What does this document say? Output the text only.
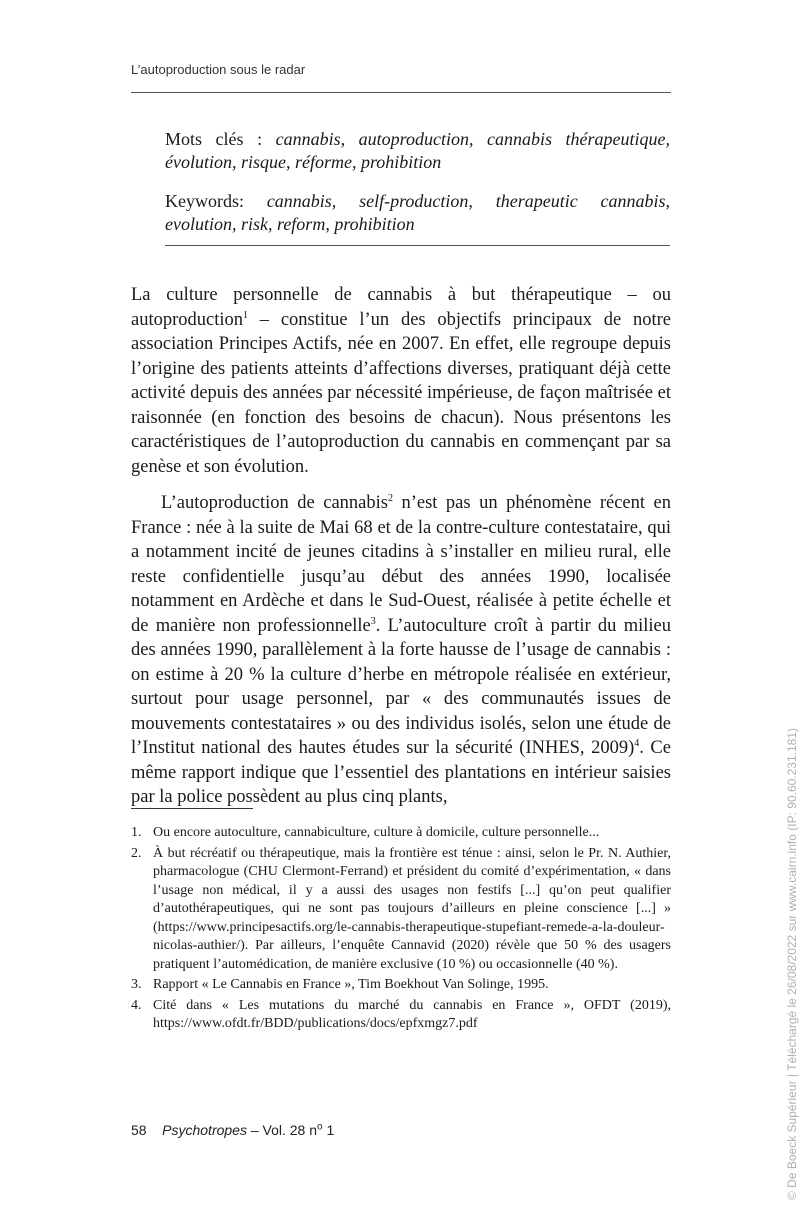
L’autoproduction sous le radar
Mots clés : cannabis, autoproduction, cannabis thérapeutique, évolution, risque, réforme, prohibition
Keywords: cannabis, self-production, therapeutic cannabis, evolution, risk, reform, prohibition

La culture personnelle de cannabis à but thérapeutique – ou autoproduction$^1$ – constitue l’un des objectifs principaux de notre association Principes Actifs, née en 2007. En effet, elle regroupe depuis l’origine des patients atteints d’affections diverses, pratiquant déjà cette activité depuis des années par nécessité impérieuse, de façon maîtrisée et raisonnée (en fonction des besoins de chacun). Nous présentons les caractéristiques de l’autoproduction du cannabis en commençant par sa genèse et son évolution.

L’autoproduction de cannabis$^2$ n’est pas un phénomène récent en France : née à la suite de Mai 68 et de la contre-culture contestataire, qui a notamment incité de jeunes citadins à s’installer en milieu rural, elle reste confidentielle jusqu’au début des années 1990, localisée notamment en Ardèche et dans le Sud-Ouest, réalisée à petite échelle et de manière non professionnelle$^3$. L’autoculture croît à partir du milieu des années 1990, parallèlement à la forte hausse de l’usage de cannabis : on estime à 20 % la culture d’herbe en métropole réalisée en extérieur, surtout pour usage personnel, par « des communautés issues de mouvements contestataires » ou des individus isolés, selon une étude de l’Institut national des hautes études sur la sécurité (INHES, 2009)$^4$. Ce même rapport indique que l’essentiel des plantations en intérieur saisies par la police possèdent au plus cinq plants,

1. Ou encore autoculture, cannabiculture, culture à domicile, culture personnelle...
2. À but récréatif ou thérapeutique, mais la frontière est ténue : ainsi, selon le Pr. N. Authier, pharmacologue (CHU Clermont-Ferrand) et président du comité d’expérimentation, « dans l’usage non médical, il y a aussi des usages non festifs [...] qu’on peut qualifier d’autothérapeutiques, qui ne sont pas toujours d’ailleurs en pleine conscience [...] » (https://www.principesactifs.org/le-cannabis-therapeutique-stupefiant-remede-a-la-douleur-nicolas-authier/). Par ailleurs, l’enquête Cannavid (2020) révèle que 50 % des usagers pratiquent l’automédication, de manière exclusive (10 %) ou occasionnelle (40 %).
3. Rapport « Le Cannabis en France », Tim Boekhout Van Solinge, 1995.
4. Cité dans « Les mutations du marché du cannabis en France », OFDT (2019), https://www.ofdt.fr/BDD/publications/docs/epfxmgz7.pdf
58 Psychotropes – Vol. 28 $n^o$ 1	© De Boeck Supérieur | Téléchargé le 26/08/2022 sur www.cairn.info (IP: 90.60.231.181)
